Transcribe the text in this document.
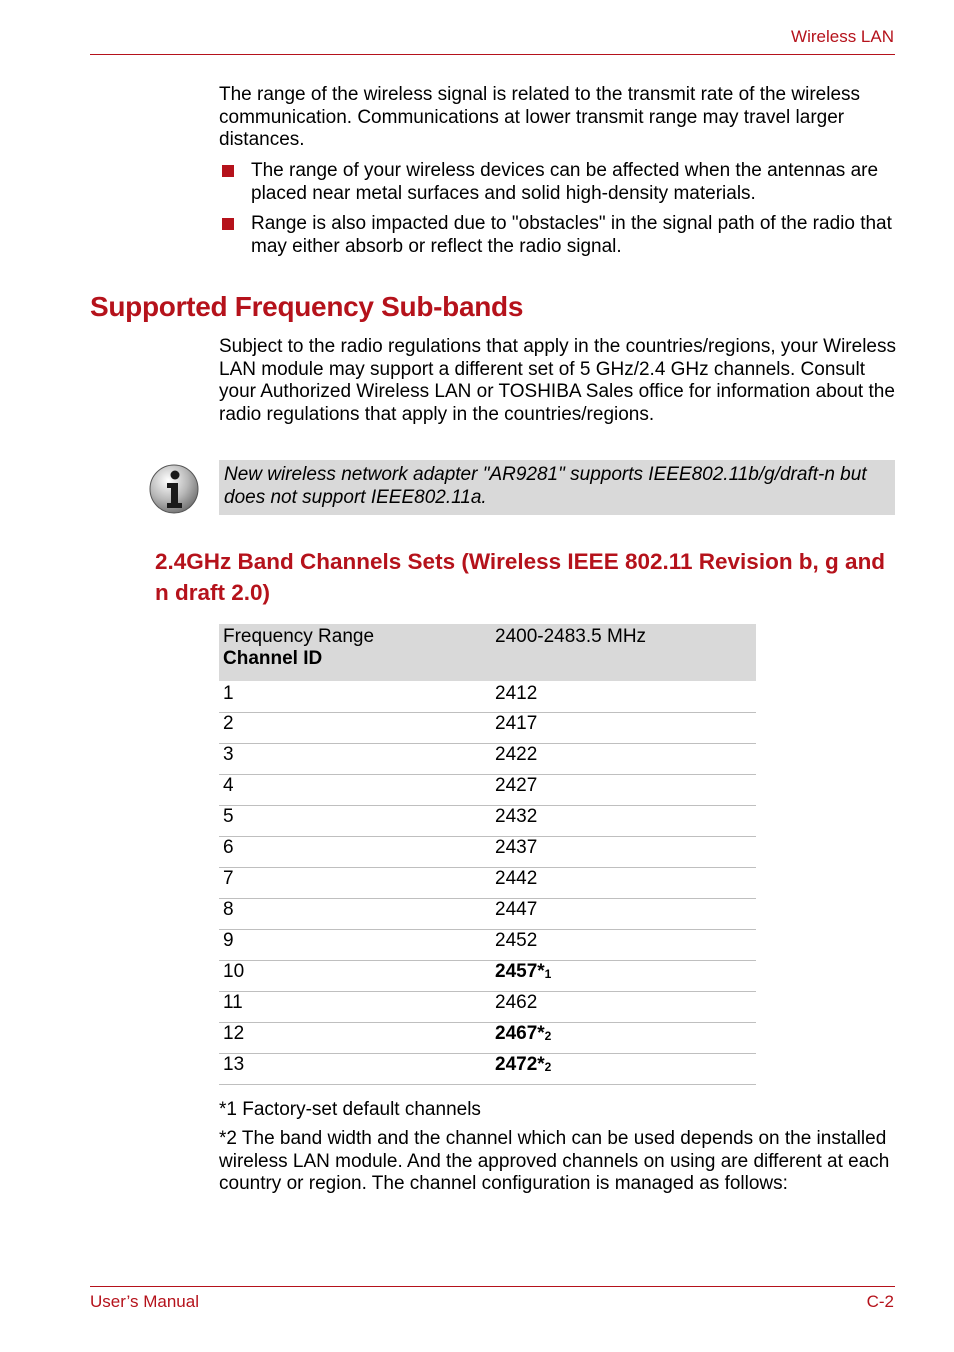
Wireless LAN

The range of the wireless signal is related to the transmit rate of the wireless communication. Communications at lower transmit range may travel larger distances.

The range of your wireless devices can be affected when the antennas are placed near metal surfaces and solid high-density materials.
Range is also impacted due to "obstacles" in the signal path of the radio that may either absorb or reflect the radio signal.
Supported Frequency Sub-bands

Subject to the radio regulations that apply in the countries/regions, your Wireless LAN module may support a different set of 5 GHz/2.4 GHz channels. Consult your Authorized Wireless LAN or TOSHIBA Sales office for information about the radio regulations that apply in the countries/regions.

New wireless network adapter "AR9281" supports IEEE802.11b/g/draft-n but does not support IEEE802.11a.

2.4GHz Band Channels Sets (Wireless IEEE 802.11 Revision b, g and n draft 2.0)
Frequency Range
Channel ID	2400-2483.5 MHz
1	2412
2	2417
3	2422
4	2427
5	2432
6	2437
7	2442
8	2447
9	2452
10	2457*1
11	2462
12	2467*2
13	2472*2

*1 Factory-set default channels

*2 The band width and the channel which can be used depends on the installed wireless LAN module. And the approved channels on using are different at each country or region. The channel configuration is managed as follows:

User’s Manual	C-2
